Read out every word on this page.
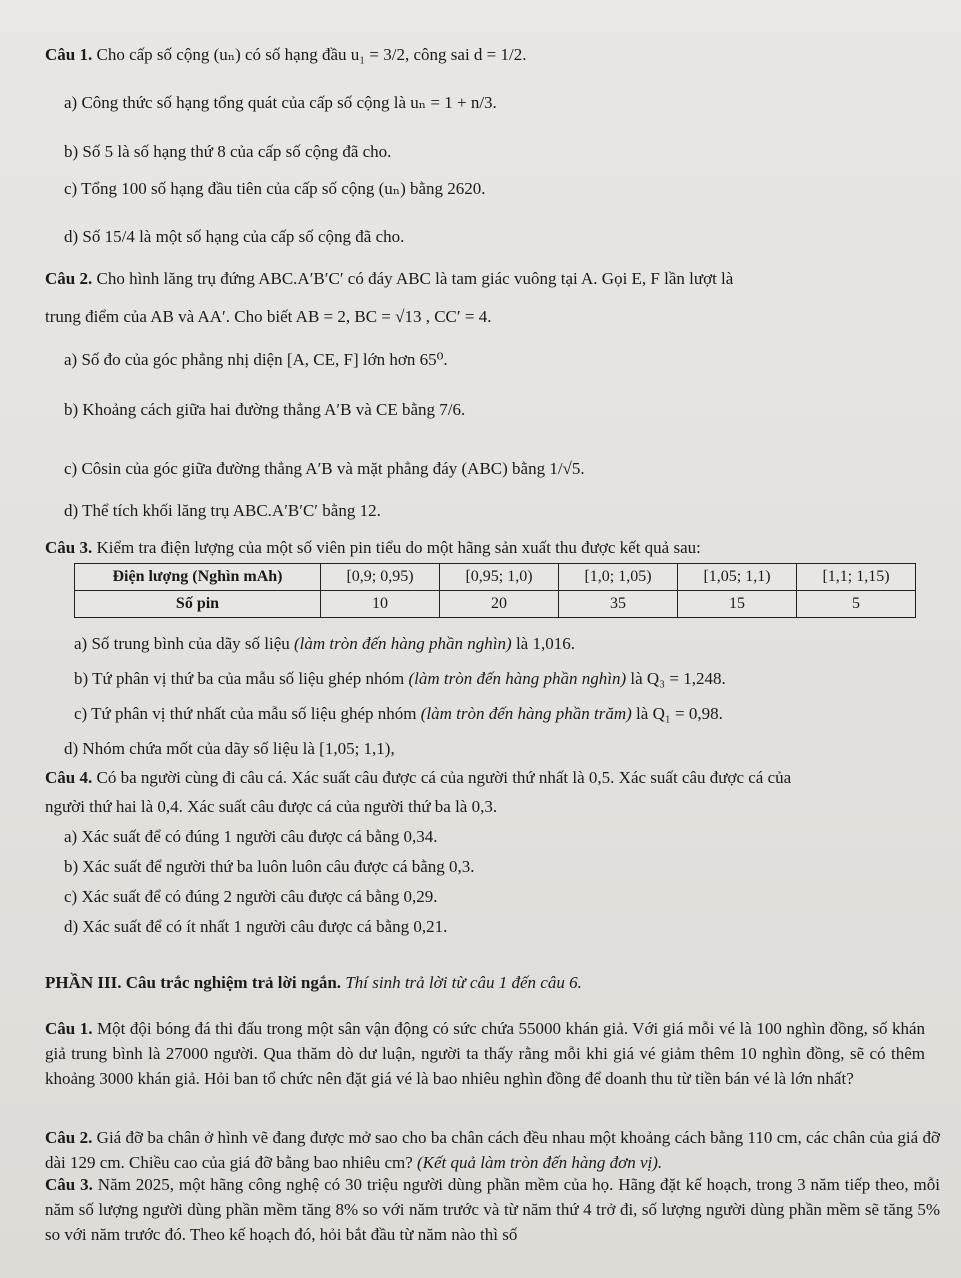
Câu 1. Cho cấp số cộng (uₙ) có số hạng đầu u₁ = 3/2, công sai d = 1/2.
a) Công thức số hạng tổng quát của cấp số cộng là uₙ = 1 + n/3.
b) Số 5 là số hạng thứ 8 của cấp số cộng đã cho.
c) Tổng 100 số hạng đầu tiên của cấp số cộng (uₙ) bằng 2620.
d) Số 15/4 là một số hạng của cấp số cộng đã cho.
Câu 2. Cho hình lăng trụ đứng ABC.A′B′C′ có đáy ABC là tam giác vuông tại A. Gọi E, F lần lượt là
trung điểm của AB và AA′. Cho biết AB = 2, BC = √13 , CC′ = 4.
a) Số đo của góc phẳng nhị diện [A, CE, F] lớn hơn 65⁰.
b) Khoảng cách giữa hai đường thẳng A′B và CE bằng 7/6.
c) Côsin của góc giữa đường thẳng A′B và mặt phẳng đáy (ABC) bằng 1/√5.
d) Thể tích khối lăng trụ ABC.A′B′C′ bằng 12.
Câu 3. Kiểm tra điện lượng của một số viên pin tiểu do một hãng sản xuất thu được kết quả sau:
Điện lượng (Nghìn mAh)	[0,9; 0,95)	[0,95; 1,0)	[1,0; 1,05)	[1,05; 1,1)	[1,1; 1,15)
Số pin	10	20	35	15	5
a) Số trung bình của dãy số liệu (làm tròn đến hàng phần nghìn) là 1,016.
b) Tứ phân vị thứ ba của mẫu số liệu ghép nhóm (làm tròn đến hàng phần nghìn) là Q₃ = 1,248.
c) Tứ phân vị thứ nhất của mẫu số liệu ghép nhóm (làm tròn đến hàng phần trăm) là Q₁ = 0,98.
d) Nhóm chứa mốt của dãy số liệu là [1,05; 1,1),
Câu 4. Có ba người cùng đi câu cá. Xác suất câu được cá của người thứ nhất là 0,5. Xác suất câu được cá của
người thứ hai là 0,4. Xác suất câu được cá của người thứ ba là 0,3.
a) Xác suất để có đúng 1 người câu được cá bằng 0,34.
b) Xác suất để người thứ ba luôn luôn câu được cá bằng 0,3.
c) Xác suất để có đúng 2 người câu được cá bằng 0,29.
d) Xác suất để có ít nhất 1 người câu được cá bằng 0,21.
PHẦN III. Câu trắc nghiệm trả lời ngắn. Thí sinh trả lời từ câu 1 đến câu 6.
Câu 1. Một đội bóng đá thi đấu trong một sân vận động có sức chứa 55000 khán giả. Với giá mỗi vé là 100 nghìn đồng, số khán giả trung bình là 27000 người. Qua thăm dò dư luận, người ta thấy rằng mỗi khi giá vé giảm thêm 10 nghìn đồng, sẽ có thêm khoảng 3000 khán giả. Hỏi ban tổ chức nên đặt giá vé là bao nhiêu nghìn đồng để doanh thu từ tiền bán vé là lớn nhất?
Câu 2. Giá đỡ ba chân ở hình vẽ đang được mở sao cho ba chân cách đều nhau một khoảng cách bằng 110 cm, các chân của giá đỡ dài 129 cm. Chiều cao của giá đỡ bằng bao nhiêu cm? (Kết quả làm tròn đến hàng đơn vị).
Câu 3. Năm 2025, một hãng công nghệ có 30 triệu người dùng phần mềm của họ. Hãng đặt kế hoạch, trong 3 năm tiếp theo, mỗi năm số lượng người dùng phần mềm tăng 8% so với năm trước và từ năm thứ 4 trở đi, số lượng người dùng phần mềm sẽ tăng 5% so với năm trước đó. Theo kế hoạch đó, hỏi bắt đầu từ năm nào thì số
